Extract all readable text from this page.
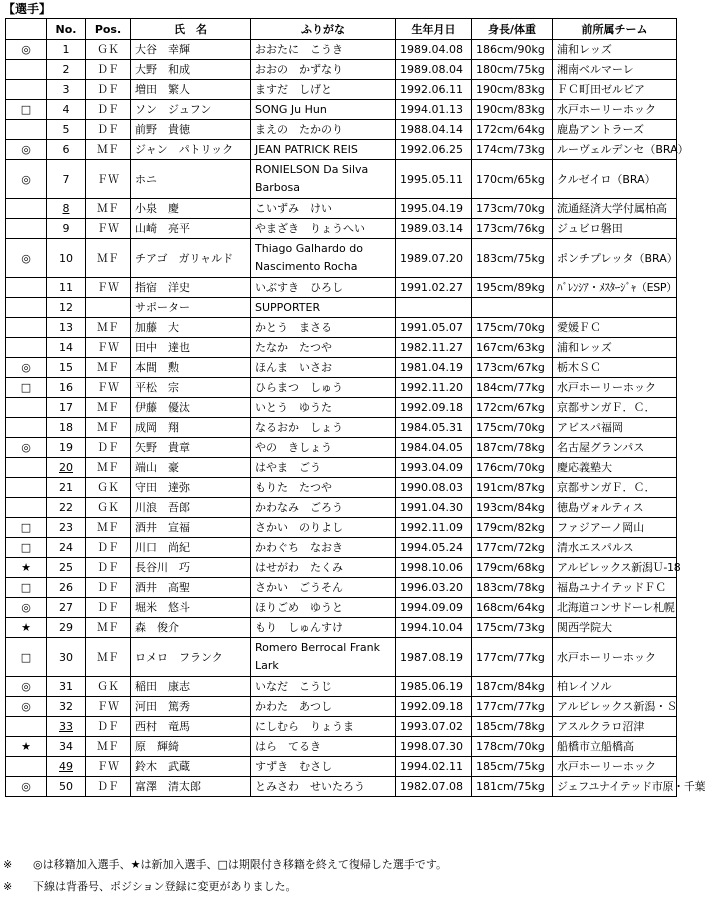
【選手】
	No.	Pos.	氏　名	ふりがな	生年月日	身長/体重	前所属チーム
◎	1	ＧＫ	大谷　幸輝	おおたに　こうき	1989.04.08	186cm/90kg	浦和レッズ
	2	ＤＦ	大野　和成	おおの　かずなり	1989.08.04	180cm/75kg	湘南ベルマーレ
	3	ＤＦ	増田　繁人	ますだ　しげと	1992.06.11	190cm/83kg	ＦＣ町田ゼルビア
□	4	ＤＦ	ソン　ジュフン	SONG Ju Hun	1994.01.13	190cm/83kg	水戸ホーリーホック
	5	ＤＦ	前野　貴徳	まえの　たかのり	1988.04.14	172cm/64kg	鹿島アントラーズ
◎	6	ＭＦ	ジャン　パトリック	JEAN PATRICK REIS	1992.06.25	174cm/73kg	ルーヴェルデンセ（BRA）
◎	7	ＦＷ	ホニ	RONIELSON Da Silva Barbosa	1995.05.11	170cm/65kg	クルゼイロ（BRA）
	8	ＭＦ	小泉　慶	こいずみ　けい	1995.04.19	173cm/70kg	流通経済大学付属柏高
	9	ＦＷ	山崎　亮平	やまざき　りょうへい	1989.03.14	173cm/76kg	ジュビロ磐田
◎	10	ＭＦ	チアゴ　ガリャルド	Thiago Galhardo do Nascimento Rocha	1989.07.20	183cm/75kg	ポンチプレッタ（BRA）
	11	ＦＷ	指宿　洋史	いぶすき　ひろし	1991.02.27	195cm/89kg	ﾊﾞﾚﾝｼｱ・ﾒｽﾀｰｼﾞｬ（ESP）
	12		サポーター	SUPPORTER			
	13	ＭＦ	加藤　大	かとう　まさる	1991.05.07	175cm/70kg	愛媛ＦＣ
	14	ＦＷ	田中　達也	たなか　たつや	1982.11.27	167cm/63kg	浦和レッズ
◎	15	ＭＦ	本間　勲	ほんま　いさお	1981.04.19	173cm/67kg	栃木ＳＣ
□	16	ＦＷ	平松　宗	ひらまつ　しゅう	1992.11.20	184cm/77kg	水戸ホーリーホック
	17	ＭＦ	伊藤　優汰	いとう　ゆうた	1992.09.18	172cm/67kg	京都サンガＦ．Ｃ．
	18	ＭＦ	成岡　翔	なるおか　しょう	1984.05.31	175cm/70kg	アビスパ福岡
◎	19	ＤＦ	矢野　貴章	やの　きしょう	1984.04.05	187cm/78kg	名古屋グランパス
	20	ＭＦ	端山　豪	はやま　ごう	1993.04.09	176cm/70kg	慶応義塾大
	21	ＧＫ	守田　達弥	もりた　たつや	1990.08.03	191cm/87kg	京都サンガＦ．Ｃ．
	22	ＧＫ	川浪　吾郎	かわなみ　ごろう	1991.04.30	193cm/84kg	徳島ヴォルティス
□	23	ＭＦ	酒井　宣福	さかい　のりよし	1992.11.09	179cm/82kg	ファジアーノ岡山
□	24	ＤＦ	川口　尚紀	かわぐち　なおき	1994.05.24	177cm/72kg	清水エスパルス
★	25	ＤＦ	長谷川　巧	はせがわ　たくみ	1998.10.06	179cm/68kg	アルビレックス新潟Ｕ-18
□	26	ＤＦ	酒井　高聖	さかい　ごうそん	1996.03.20	183cm/78kg	福島ユナイテッドＦＣ
◎	27	ＤＦ	堀米　悠斗	ほりごめ　ゆうと	1994.09.09	168cm/64kg	北海道コンサドーレ札幌
★	29	ＭＦ	森　俊介	もり　しゅんすけ	1994.10.04	175cm/73kg	関西学院大
□	30	ＭＦ	ロメロ　フランク	Romero Berrocal Frank Lark	1987.08.19	177cm/77kg	水戸ホーリーホック
◎	31	ＧＫ	稲田　康志	いなだ　こうじ	1985.06.19	187cm/84kg	柏レイソル
◎	32	ＦＷ	河田　篤秀	かわた　あつし	1992.09.18	177cm/77kg	アルビレックス新潟・Ｓ
	33	ＤＦ	西村　竜馬	にしむら　りょうま	1993.07.02	185cm/78kg	アスルクラロ沼津
★	34	ＭＦ	原　輝綺	はら　てるき	1998.07.30	178cm/70kg	船橋市立船橋高
	49	ＦＷ	鈴木　武蔵	すずき　むさし	1994.02.11	185cm/75kg	水戸ホーリーホック
◎	50	ＤＦ	富澤　清太郎	とみさわ　せいたろう	1982.07.08	181cm/75kg	ジェフユナイテッド市原・千葉
※ ◎は移籍加入選手、★は新加入選手、□は期限付き移籍を終えて復帰した選手です。
※ 下線は背番号、ポジション登録に変更がありました。
